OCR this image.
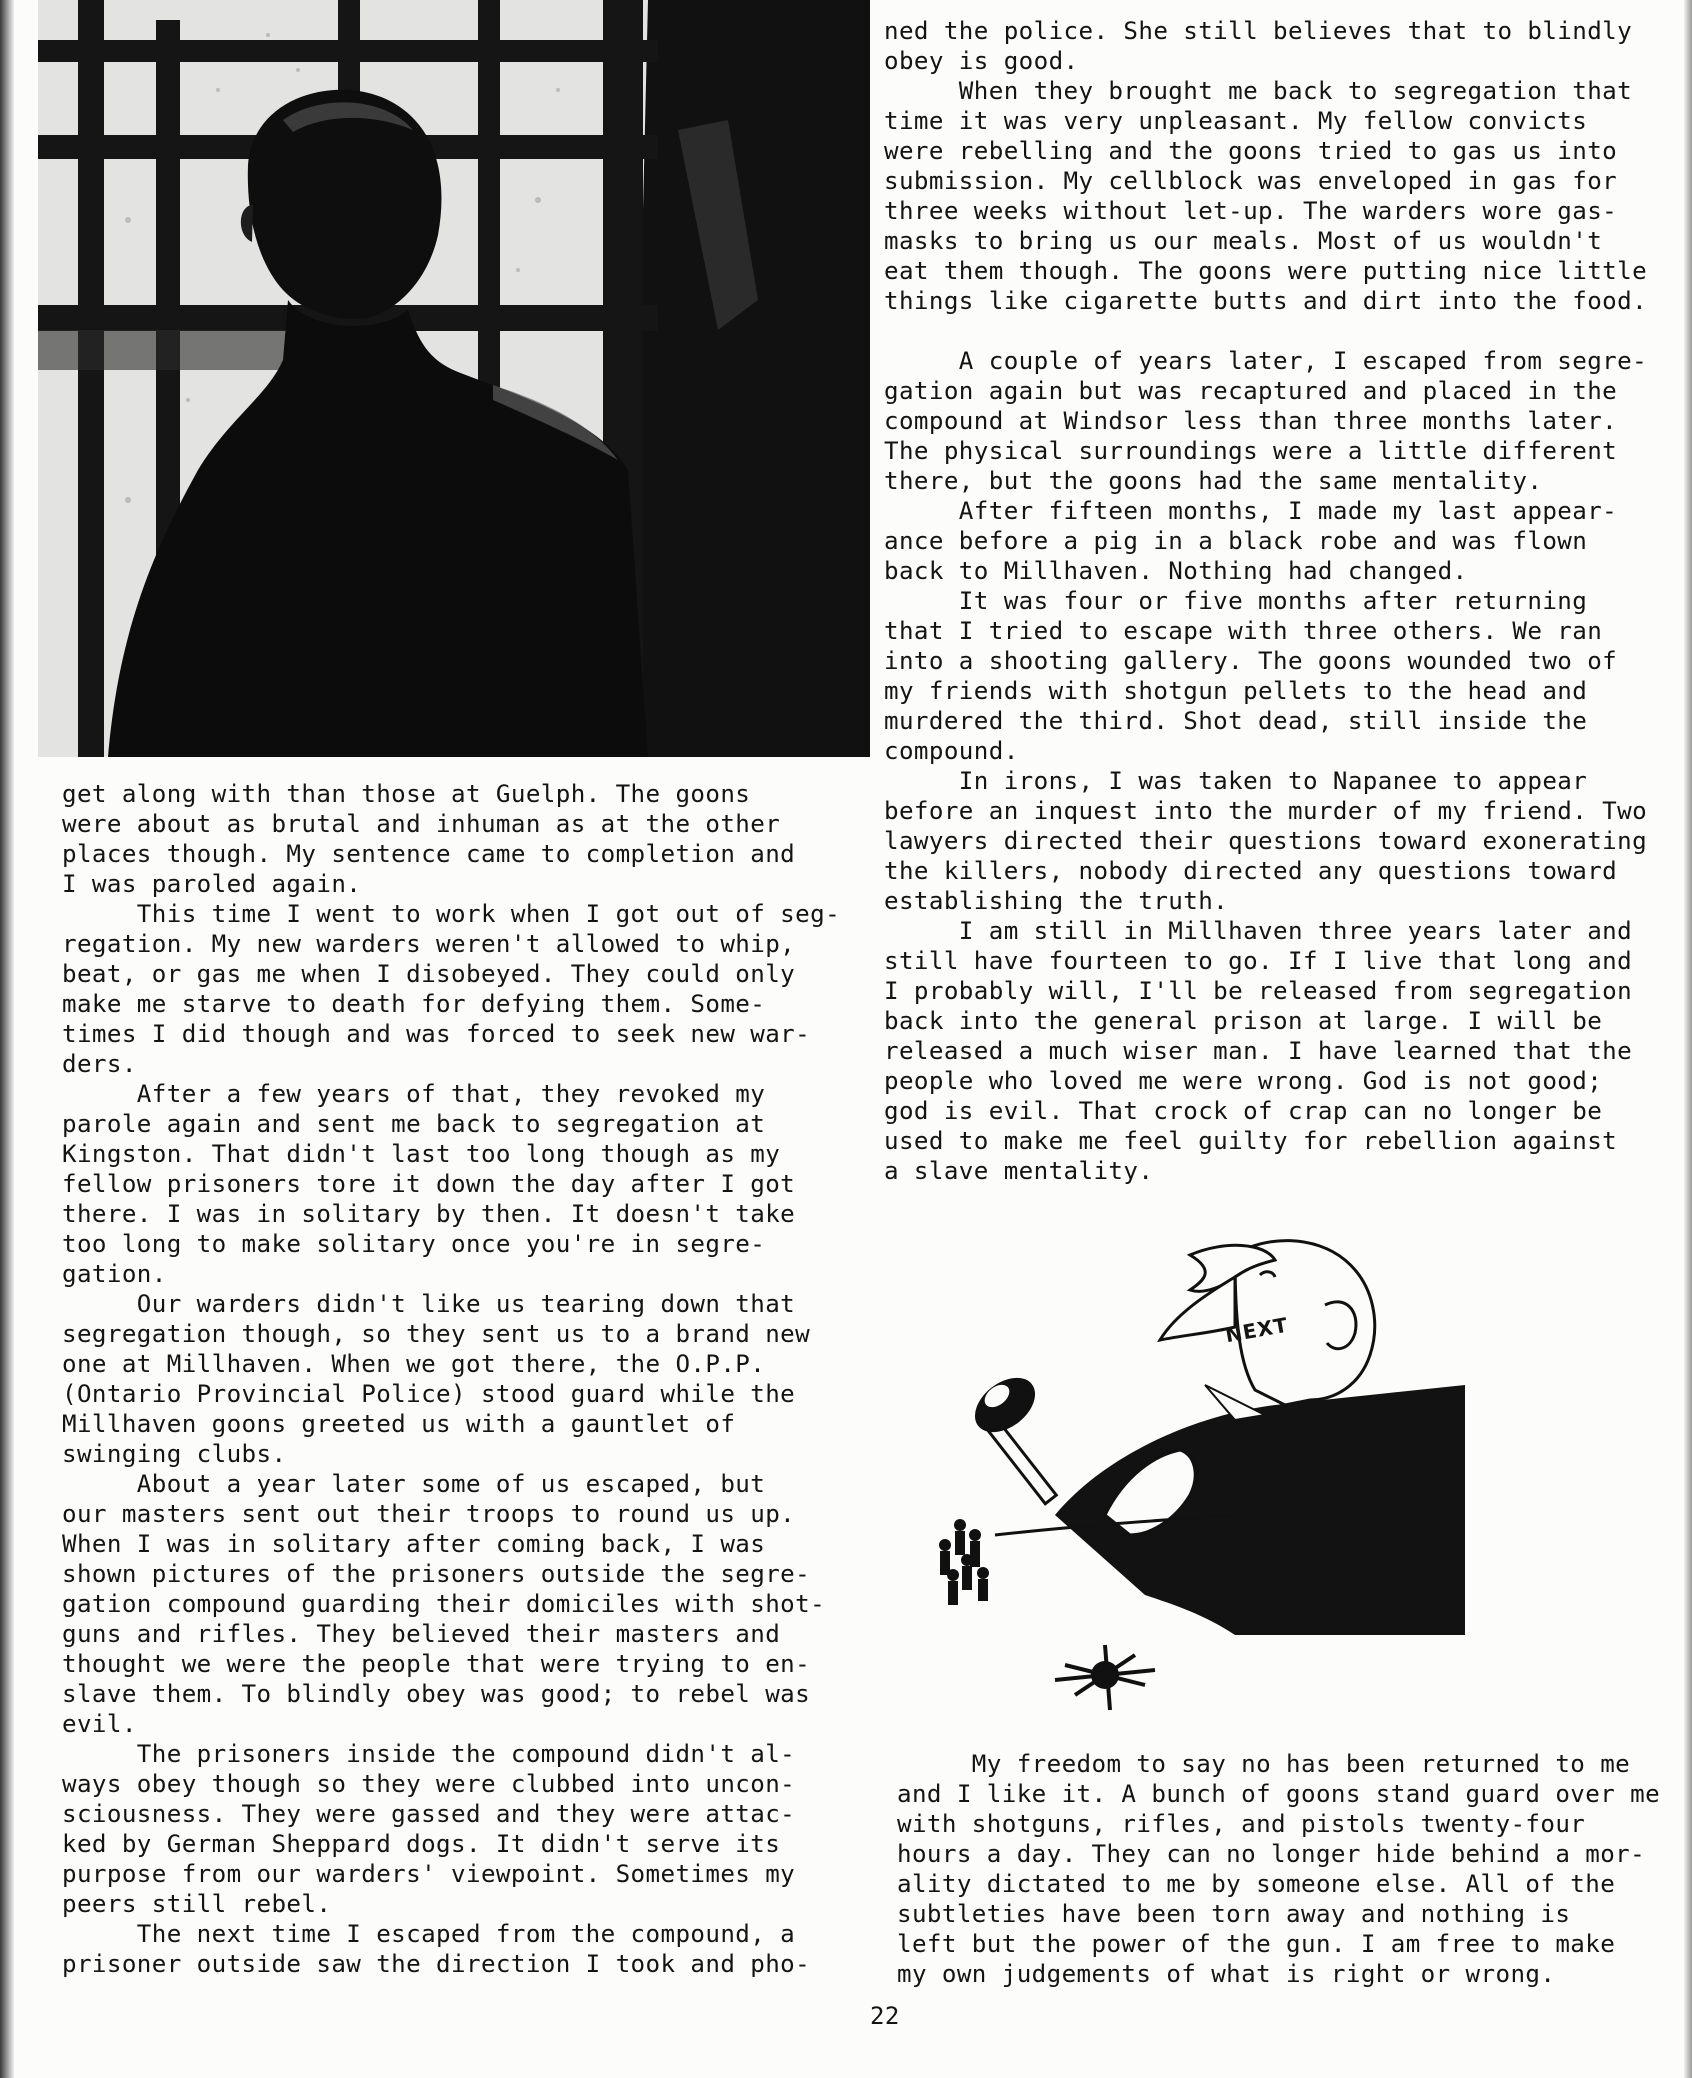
get along with than those at Guelph. The goons
were about as brutal and inhuman as at the other
places though. My sentence came to completion and
I was paroled again.
This time I went to work when I got out of seg-
regation. My new warders weren't allowed to whip,
beat, or gas me when I disobeyed. They could only
make me starve to death for defying them. Some-
times I did though and was forced to seek new war-
ders.
After a few years of that, they revoked my
parole again and sent me back to segregation at
Kingston. That didn't last too long though as my
fellow prisoners tore it down the day after I got
there. I was in solitary by then. It doesn't take
too long to make solitary once you're in segre-
gation.
Our warders didn't like us tearing down that
segregation though, so they sent us to a brand new
one at Millhaven. When we got there, the O.P.P.
(Ontario Provincial Police) stood guard while the
Millhaven goons greeted us with a gauntlet of
swinging clubs.
About a year later some of us escaped, but
our masters sent out their troops to round us up.
When I was in solitary after coming back, I was
shown pictures of the prisoners outside the segre-
gation compound guarding their domiciles with shot-
guns and rifles. They believed their masters and
thought we were the people that were trying to en-
slave them. To blindly obey was good; to rebel was
evil.
The prisoners inside the compound didn't al-
ways obey though so they were clubbed into uncon-
sciousness. They were gassed and they were attac-
ked by German Sheppard dogs. It didn't serve its
purpose from our warders' viewpoint. Sometimes my
peers still rebel.
The next time I escaped from the compound, a
prisoner outside saw the direction I took and pho-
ned the police. She still believes that to blindly
obey is good.
When they brought me back to segregation that
time it was very unpleasant. My fellow convicts
were rebelling and the goons tried to gas us into
submission. My cellblock was enveloped in gas for
three weeks without let-up. The warders wore gas-
masks to bring us our meals. Most of us wouldn't
eat them though. The goons were putting nice little
things like cigarette butts and dirt into the food.

A couple of years later, I escaped from segre-
gation again but was recaptured and placed in the
compound at Windsor less than three months later.
The physical surroundings were a little different
there, but the goons had the same mentality.
After fifteen months, I made my last appear-
ance before a pig in a black robe and was flown
back to Millhaven. Nothing had changed.
It was four or five months after returning
that I tried to escape with three others. We ran
into a shooting gallery. The goons wounded two of
my friends with shotgun pellets to the head and
murdered the third. Shot dead, still inside the
compound.
In irons, I was taken to Napanee to appear
before an inquest into the murder of my friend. Two
lawyers directed their questions toward exonerating
the killers, nobody directed any questions toward
establishing the truth.
I am still in Millhaven three years later and
still have fourteen to go. If I live that long and
I probably will, I'll be released from segregation
back into the general prison at large. I will be
released a much wiser man. I have learned that the
people who loved me were wrong. God is not good;
god is evil. That crock of crap can no longer be
used to make me feel guilty for rebellion against
a slave mentality.
NEXT
My freedom to say no has been returned to me
and I like it. A bunch of goons stand guard over me
with shotguns, rifles, and pistols twenty-four
hours a day. They can no longer hide behind a mor-
ality dictated to me by someone else. All of the
subtleties have been torn away and nothing is
left but the power of the gun. I am free to make
my own judgements of what is right or wrong.
22
